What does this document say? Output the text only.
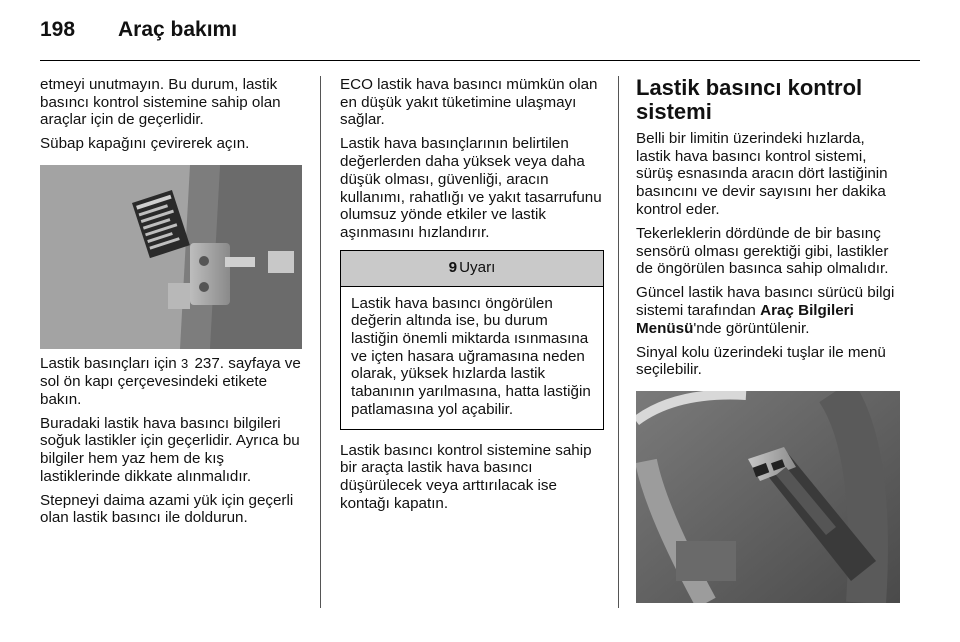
198 Araç bakımı

etmeyi unutmayın. Bu durum, lastik basıncı kontrol sistemine sahip olan araçlar için de geçerlidir.

Sübap kapağını çevirerek açın.

Lastik basınçları için 3 237. sayfaya ve sol ön kapı çerçevesindeki etikete bakın.

Buradaki lastik hava basıncı bilgileri soğuk lastikler için geçerlidir. Ayrıca bu bilgiler hem yaz hem de kış lastiklerinde dikkate alınmalıdır.

Stepneyi daima azami yük için geçerli olan lastik basıncı ile doldurun.

ECO lastik hava basıncı mümkün olan en düşük yakıt tüketimine ulaşmayı sağlar.

Lastik hava basınçlarının belirtilen değerlerden daha yüksek veya daha düşük olması, güvenliği, aracın kullanımı, rahatlığı ve yakıt tasarrufunu olumsuz yönde etkiler ve lastik aşınmasını hızlandırır.

9 Uyarı
Lastik hava basıncı öngörülen değerin altında ise, bu durum lastiğin önemli miktarda ısınmasına ve içten hasara uğramasına neden olarak, yüksek hızlarda lastik tabanının yarılmasına, hatta lastiğin patlamasına yol açabilir.

Lastik basıncı kontrol sistemine sahip bir araçta lastik hava basıncı düşürülecek veya arttırılacak ise kontağı kapatın.

Lastik basıncı kontrol sistemi

Belli bir limitin üzerindeki hızlarda, lastik hava basıncı kontrol sistemi, sürüş esnasında aracın dört lastiğinin basıncını ve devir sayısını her dakika kontrol eder.

Tekerleklerin dördünde de bir basınç sensörü olması gerektiği gibi, lastikler de öngörülen basınca sahip olmalıdır.

Güncel lastik hava basıncı sürücü bilgi sistemi tarafından Araç Bilgileri Menüsü'nde görüntülenir.

Sinyal kolu üzerindeki tuşlar ile menü seçilebilir.
